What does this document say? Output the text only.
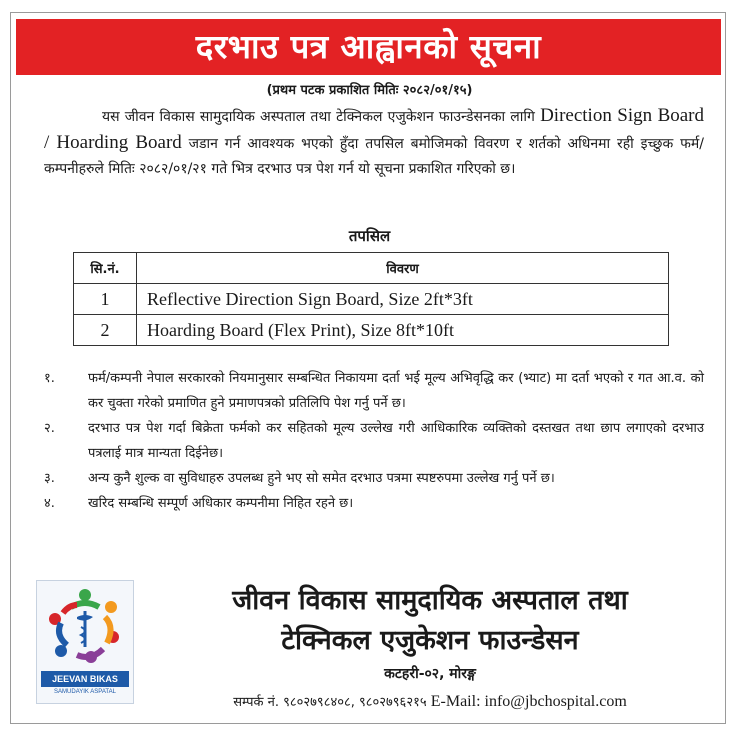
दरभाउ पत्र आह्वानको सूचना
(प्रथम पटक प्रकाशित मितिः २०८२/०१/१५)

यस जीवन विकास सामुदायिक अस्पताल तथा टेक्निकल एजुकेशन फाउन्डेसनका लागि Direction Sign Board / Hoarding Board जडान गर्न आवश्यक भएको हुँदा तपसिल बमोजिमको विवरण र शर्तको अधिनमा रही इच्छुक फर्म/कम्पनीहरुले मितिः २०८२/०१/२१ गते भित्र दरभाउ पत्र पेश गर्न यो सूचना प्रकाशित गरिएको छ।

तपसिल
सि.नं.	विवरण
1	Reflective Direction Sign Board, Size 2ft*3ft
2	Hoarding Board (Flex Print), Size 8ft*10ft
१.	फर्म/कम्पनी नेपाल सरकारको नियमानुसार सम्बन्धित निकायमा दर्ता भई मूल्य अभिवृद्धि कर (भ्याट) मा दर्ता भएको र गत आ.व. को कर चुक्ता गरेको प्रमाणित हुने प्रमाणपत्रको प्रतिलिपि पेश गर्नु पर्ने छ।
२.	दरभाउ पत्र पेश गर्दा बिक्रेता फर्मको कर सहितको मूल्य उल्लेख गरी आधिकारिक व्यक्तिको दस्तखत तथा छाप लगाएको दरभाउ पत्रलाई मात्र मान्यता दिईनेछ।
३.	अन्य कुनै शुल्क वा सुविधाहरु उपलब्ध हुने भए सो समेत दरभाउ पत्रमा स्पष्टरुपमा उल्लेख गर्नु पर्ने छ।
४.	खरिद सम्बन्धि सम्पूर्ण अधिकार कम्पनीमा निहित रहने छ।
JEEVAN BIKAS
SAMUDAYIK ASPATAL
जीवन विकास सामुदायिक अस्पताल तथा
टेक्निकल एजुकेशन फाउन्डेसन
कटहरी-०२, मोरङ्ग
सम्पर्क नं. ९८०२७९८४०८, ९८०२७९६२१५ E-Mail: info@jbchospital.com
